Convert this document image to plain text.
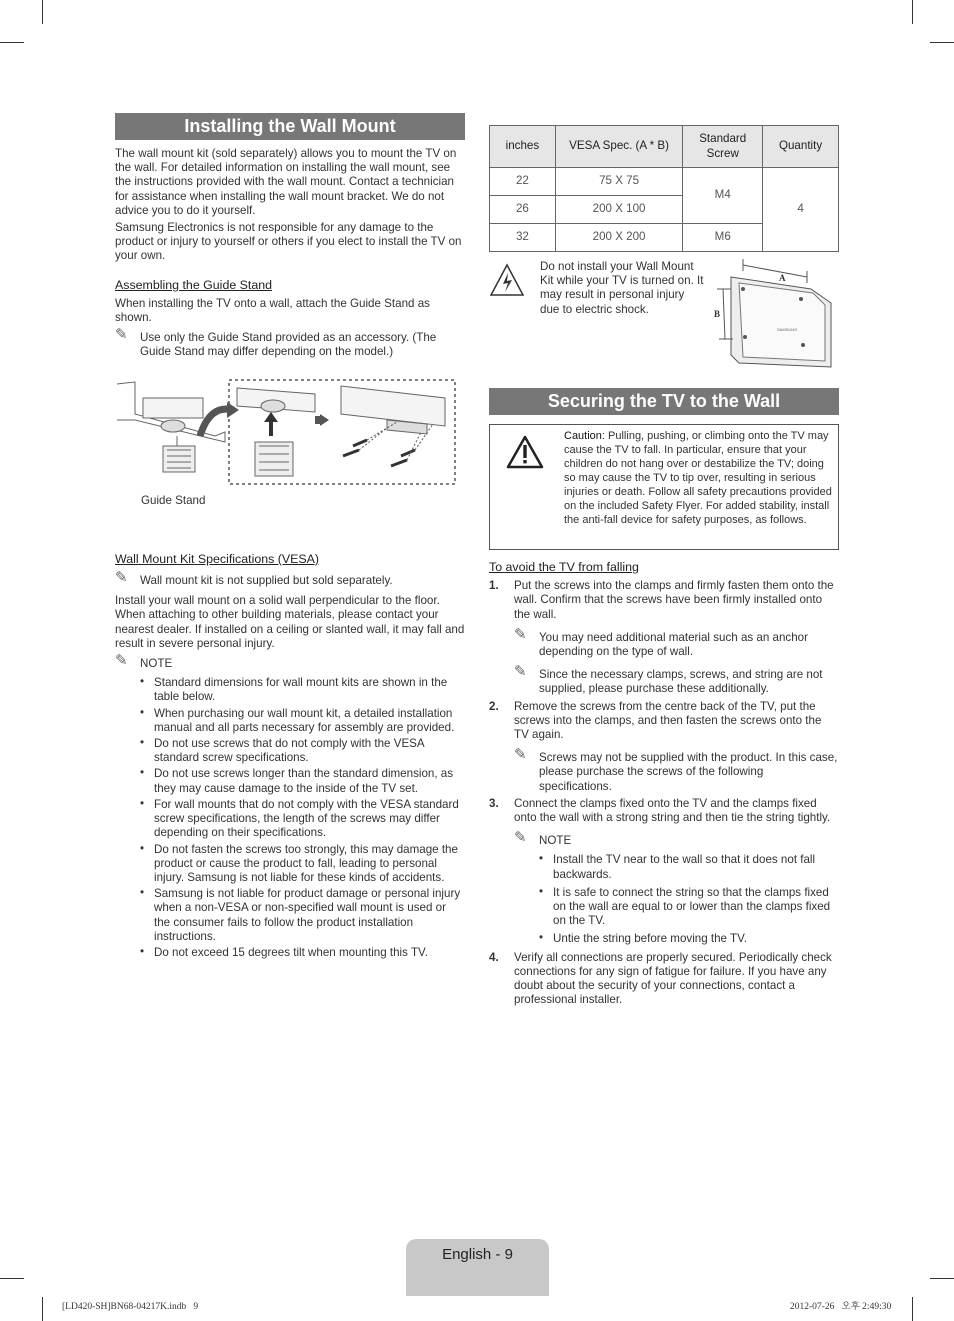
Installing the Wall Mount

The wall mount kit (sold separately) allows you to mount the TV on the wall. For detailed information on installing the wall mount, see the instructions provided with the wall mount. Contact a technician for assistance when installing the wall mount bracket. We do not advice you to do it yourself.

Samsung Electronics is not responsible for any damage to the product or injury to yourself or others if you elect to install the TV on your own.

Assembling the Guide Stand

When installing the TV onto a wall, attach the Guide Stand as shown.

✎ Use only the Guide Stand provided as an accessory. (The Guide Stand may differ depending on the model.)
Guide Stand
Wall Mount Kit Specifications (VESA)
✎ Wall mount kit is not supplied but sold separately.

Install your wall mount on a solid wall perpendicular to the floor. When attaching to other building materials, please contact your nearest dealer. If installed on a ceiling or slanted wall, it may fall and result in severe personal injury.

✎ NOTE
• Standard dimensions for wall mount kits are shown in the table below.
• When purchasing our wall mount kit, a detailed installation manual and all parts necessary for assembly are provided.
• Do not use screws that do not comply with the VESA standard screw specifications.
• Do not use screws longer than the standard dimension, as they may cause damage to the inside of the TV set.
• For wall mounts that do not comply with the VESA standard screw specifications, the length of the screws may differ depending on their specifications.
• Do not fasten the screws too strongly, this may damage the product or cause the product to fall, leading to personal injury. Samsung is not liable for these kinds of accidents.
• Samsung is not liable for product damage or personal injury when a non-VESA or non-specified wall mount is used or the consumer fails to follow the product installation instructions.
• Do not exceed 15 degrees tilt when mounting this TV.
inches	VESA Spec. (A * B)	Standard Screw	Quantity
22	75 X 75	M4	4
26	200 X 100		
32	200 X 200	M6	
Do not install your Wall Mount Kit while your TV is turned on. It may result in personal injury due to electric shock.
SAMSUNG
A
B
Securing the TV to the Wall
Caution: Pulling, pushing, or climbing onto the TV may cause the TV to fall. In particular, ensure that your children do not hang over or destabilize the TV; doing so may cause the TV to tip over, resulting in serious injuries or death. Follow all safety precautions provided on the included Safety Flyer. For added stability, install the anti-fall device for safety purposes, as follows.
To avoid the TV from falling
1. Put the screws into the clamps and firmly fasten them onto the wall. Confirm that the screws have been firmly installed onto the wall.
✎ You may need additional material such as an anchor depending on the type of wall.
✎ Since the necessary clamps, screws, and string are not supplied, please purchase these additionally.
2. Remove the screws from the centre back of the TV, put the screws into the clamps, and then fasten the screws onto the TV again.
✎ Screws may not be supplied with the product. In this case, please purchase the screws of the following specifications.
3. Connect the clamps fixed onto the TV and the clamps fixed onto the wall with a strong string and then tie the string tightly.
✎ NOTE
• Install the TV near to the wall so that it does not fall backwards.
• It is safe to connect the string so that the clamps fixed on the wall are equal to or lower than the clamps fixed on the TV.
• Untie the string before moving the TV.
4. Verify all connections are properly secured. Periodically check connections for any sign of fatigue for failure. If you have any doubt about the security of your connections, contact a professional installer.
English - 9
[LD420-SH]BN68-04217K.indb   9	2012-07-26   오후 2:49:30
